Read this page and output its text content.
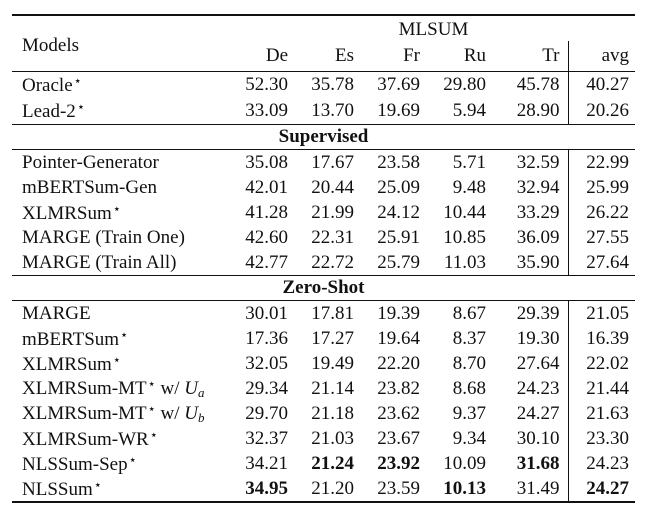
Models	MLSUM					
	De	Es	Fr	Ru	Tr	avg
Oracle⋆	52.30	35.78	37.69	29.80	45.78	40.27
Lead-2⋆	33.09	13.70	19.69	5.94	28.90	20.26
Supervised						

Pointer-Generator	35.08	17.67	23.58	5.71	32.59	22.99
mBERTSum-Gen	42.01	20.44	25.09	9.48	32.94	25.99
XLMRSum⋆	41.28	21.99	24.12	10.44	33.29	26.22
MARGE (Train One)	42.60	22.31	25.91	10.85	36.09	27.55
MARGE (Train All)	42.77	22.72	25.79	11.03	35.90	27.64
Zero-Shot						

MARGE	30.01	17.81	19.39	8.67	29.39	21.05
mBERTSum⋆	17.36	17.27	19.64	8.37	19.30	16.39
XLMRSum⋆	32.05	19.49	22.20	8.70	27.64	22.02
XLMRSum-MT⋆ w/ $U_a$	29.34	21.14	23.82	8.68	24.23	21.44
XLMRSum-MT⋆ w/ $U_b$	29.70	21.18	23.62	9.37	24.27	21.63
XLMRSum-WR⋆	32.37	21.03	23.67	9.34	30.10	23.30
NLSSum-Sep⋆	34.21	21.24	23.92	10.09	31.68	24.23
NLSSum⋆	34.95	21.20	23.59	10.13	31.49	24.27
